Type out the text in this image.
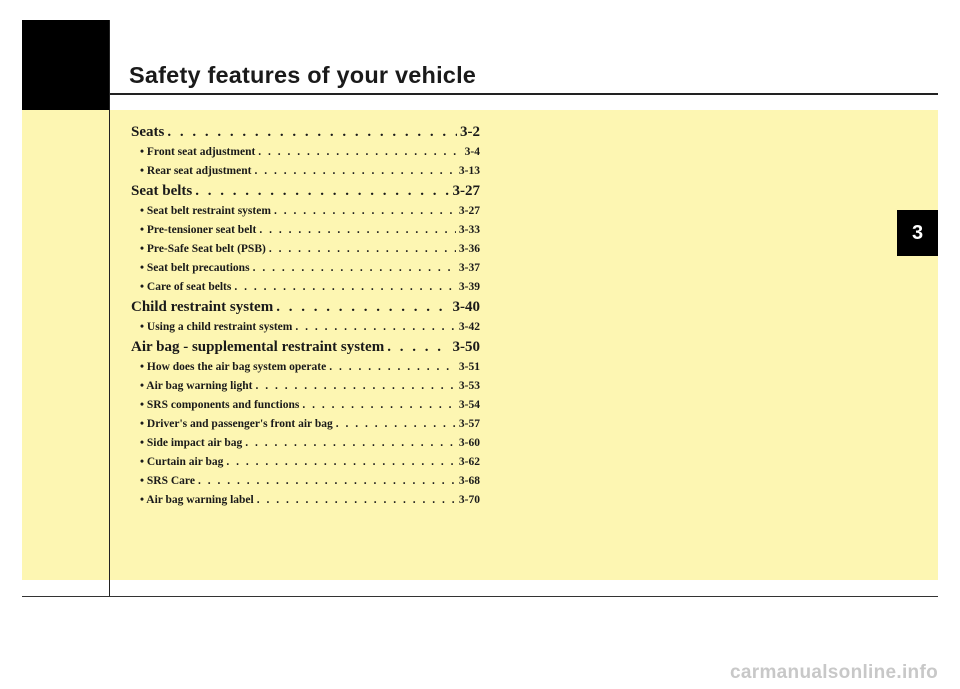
Safety features of your vehicle
Seats . . .	3-2
• Front seat adjustment . . .	3-4
• Rear seat adjustment . . .	3-13
Seat belts . . .	3-27
• Seat belt restraint system . . .	3-27
• Pre-tensioner seat belt . . .	3-33
• Pre-Safe Seat belt (PSB) . . .	3-36
• Seat belt precautions . . .	3-37
• Care of seat belts . . .	3-39
Child restraint system . . .	3-40
• Using a child restraint system . . .	3-42
Air bag - supplemental restraint system . . .	3-50
• How does the air bag system operate . . .	3-51
• Air bag warning light . . .	3-53
• SRS components and functions . . .	3-54
• Driver's and passenger's front air bag . . .	3-57
• Side impact air bag . . .	3-60
• Curtain air bag . . .	3-62
• SRS Care . . .	3-68
• Air bag warning label . . .	3-70
3
carmanualsonline.info
